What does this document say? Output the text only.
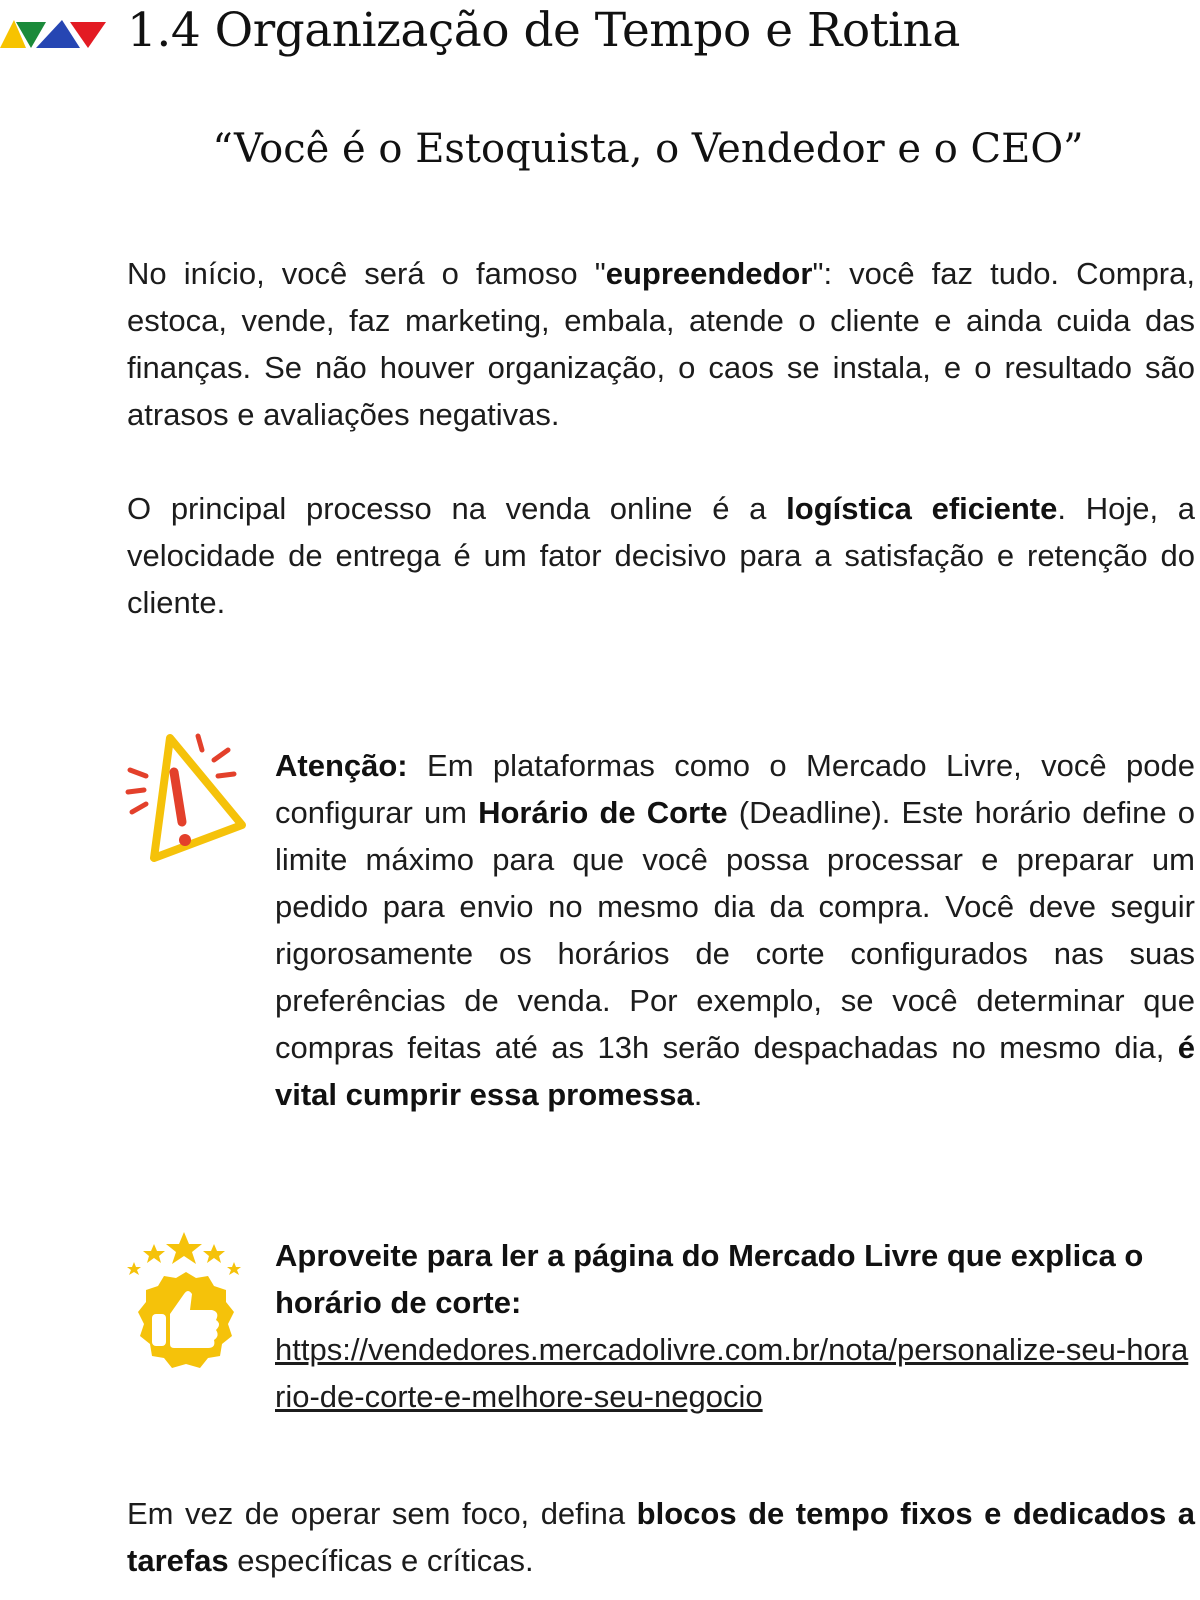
1.4 Organização de Tempo e Rotina
“Você é o Estoquista, o Vendedor e o CEO”
No início, você será o famoso "eupreendedor": você faz tudo. Compra, estoca, vende, faz marketing, embala, atende o cliente e ainda cuida das finanças. Se não houver organização, o caos se instala, e o resultado são atrasos e avaliações negativas.
O principal processo na venda online é a logística eficiente. Hoje, a velocidade de entrega é um fator decisivo para a satisfação e retenção do cliente.
Atenção: Em plataformas como o Mercado Livre, você pode configurar um Horário de Corte (Deadline). Este horário define o limite máximo para que você possa processar e preparar um pedido para envio no mesmo dia da compra. Você deve seguir rigorosamente os horários de corte configurados nas suas preferências de venda. Por exemplo, se você determinar que compras feitas até as 13h serão despachadas no mesmo dia, é vital cumprir essa promessa.
Aproveite para ler a página do Mercado Livre que explica o horário de corte:
https://vendedores.mercadolivre.com.br/nota/personalize-seu-horario-de-corte-e-melhore-seu-negocio
Em vez de operar sem foco, defina blocos de tempo fixos e dedicados a tarefas específicas e críticas.
